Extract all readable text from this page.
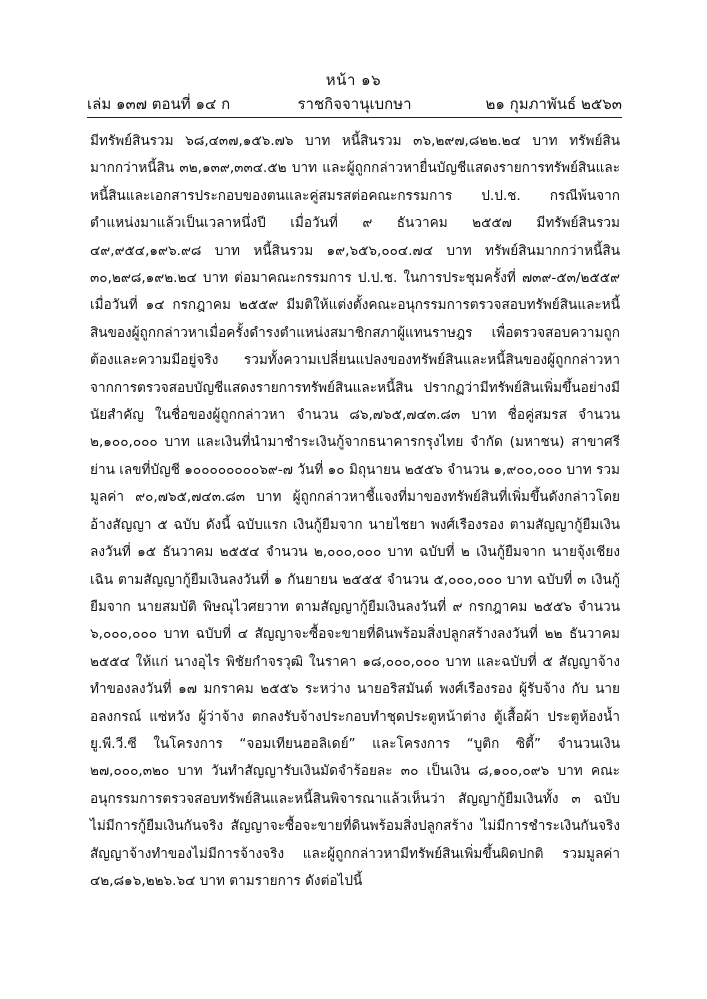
หน้า ๑๖
เล่ม ๑๓๗ ตอนที่ ๑๔ ก	ราชกิจจานุเบกษา	๒๑ กุมภาพันธ์ ๒๕๖๓

มีทรัพย์สินรวม ๖๘,๔๓๗,๑๕๖.๗๖ บาท หนี้สินรวม ๓๖,๒๙๗,๘๒๒.๒๔ บาท ทรัพย์สินมากกว่าหนี้สิน ๓๒,๑๓๙,๓๓๔.๕๒ บาท และผู้ถูกกล่าวหายื่นบัญชีแสดงรายการทรัพย์สินและหนี้สินและเอกสารประกอบของตนและคู่สมรสต่อคณะกรรมการ ป.ป.ช. กรณีพ้นจากตำแหน่งมาแล้วเป็นเวลาหนึ่งปี เมื่อวันที่ ๙ ธันวาคม ๒๕๕๗ มีทรัพย์สินรวม ๔๙,๙๕๔,๑๙๖.๙๘ บาท หนี้สินรวม ๑๙,๖๕๖,๐๐๔.๗๔ บาท ทรัพย์สินมากกว่าหนี้สิน ๓๐,๒๙๘,๑๙๒.๒๔ บาท ต่อมาคณะกรรมการ ป.ป.ช. ในการประชุมครั้งที่ ๗๓๙-๕๓/๒๕๕๙ เมื่อวันที่ ๑๔ กรกฎาคม ๒๕๕๙ มีมติให้แต่งตั้งคณะอนุกรรมการตรวจสอบทรัพย์สินและหนี้สินของผู้ถูกกล่าวหาเมื่อครั้งดำรงตำแหน่งสมาชิกสภาผู้แทนราษฎร เพื่อตรวจสอบความถูกต้องและความมีอยู่จริง รวมทั้งความเปลี่ยนแปลงของทรัพย์สินและหนี้สินของผู้ถูกกล่าวหา จากการตรวจสอบบัญชีแสดงรายการทรัพย์สินและหนี้สิน ปรากฏว่ามีทรัพย์สินเพิ่มขึ้นอย่างมีนัยสำคัญ ในชื่อของผู้ถูกกล่าวหา จำนวน ๘๖,๗๖๕,๗๔๓.๘๓ บาท ชื่อคู่สมรส จำนวน ๒,๑๐๐,๐๐๐ บาท และเงินที่นำมาชำระเงินกู้จากธนาคารกรุงไทย จำกัด (มหาชน) สาขาศรีย่าน เลขที่บัญชี ๑๐๐๐๐๐๐๐๐๖๙-๗ วันที่ ๑๐ มิถุนายน ๒๕๕๖ จำนวน ๑,๙๐๐,๐๐๐ บาท รวมมูลค่า ๙๐,๗๖๕,๗๔๓.๘๓ บาท ผู้ถูกกล่าวหาชี้แจงที่มาของทรัพย์สินที่เพิ่มขึ้นดังกล่าวโดยอ้างสัญญา ๕ ฉบับ ดังนี้ ฉบับแรก เงินกู้ยืมจาก นายไชยา พงศ์เรืองรอง ตามสัญญากู้ยืมเงินลงวันที่ ๑๕ ธันวาคม ๒๕๕๔ จำนวน ๒,๐๐๐,๐๐๐ บาท ฉบับที่ ๒ เงินกู้ยืมจาก นายจุ้งเชียง เฉิน ตามสัญญากู้ยืมเงินลงวันที่ ๑ กันยายน ๒๕๕๕ จำนวน ๕,๐๐๐,๐๐๐ บาท ฉบับที่ ๓ เงินกู้ยืมจาก นายสมบัติ พิษณุไวศยวาท ตามสัญญากู้ยืมเงินลงวันที่ ๙ กรกฎาคม ๒๕๕๖ จำนวน ๖,๐๐๐,๐๐๐ บาท ฉบับที่ ๔ สัญญาจะซื้อจะขายที่ดินพร้อมสิ่งปลูกสร้างลงวันที่ ๒๒ ธันวาคม ๒๕๕๔ ให้แก่ นางอุไร พิชัยกำจรวุฒิ ในราคา ๑๘,๐๐๐,๐๐๐ บาท และฉบับที่ ๕ สัญญาจ้างทำของลงวันที่ ๑๗ มกราคม ๒๕๕๖ ระหว่าง นายอริสมันต์ พงศ์เรืองรอง ผู้รับจ้าง กับ นายอลงกรณ์ แซ่หวัง ผู้ว่าจ้าง ตกลงรับจ้างประกอบทำชุดประตูหน้าต่าง ตู้เสื้อผ้า ประตูห้องน้ำ ยู.พี.วี.ซี ในโครงการ “จอมเทียนฮอลิเดย์” และโครงการ “บูติก ซิตี้” จำนวนเงิน ๒๗,๐๐๐,๓๒๐ บาท วันทำสัญญารับเงินมัดจำร้อยละ ๓๐ เป็นเงิน ๘,๑๐๐,๐๙๖ บาท คณะอนุกรรมการตรวจสอบทรัพย์สินและหนี้สินพิจารณาแล้วเห็นว่า สัญญากู้ยืมเงินทั้ง ๓ ฉบับ ไม่มีการกู้ยืมเงินกันจริง สัญญาจะซื้อจะขายที่ดินพร้อมสิ่งปลูกสร้าง ไม่มีการชำระเงินกันจริง สัญญาจ้างทำของไม่มีการจ้างจริง และผู้ถูกกล่าวหามีทรัพย์สินเพิ่มขึ้นผิดปกติ รวมมูลค่า ๔๒,๘๑๖,๒๒๖.๖๔ บาท ตามรายการ ดังต่อไปนี้
